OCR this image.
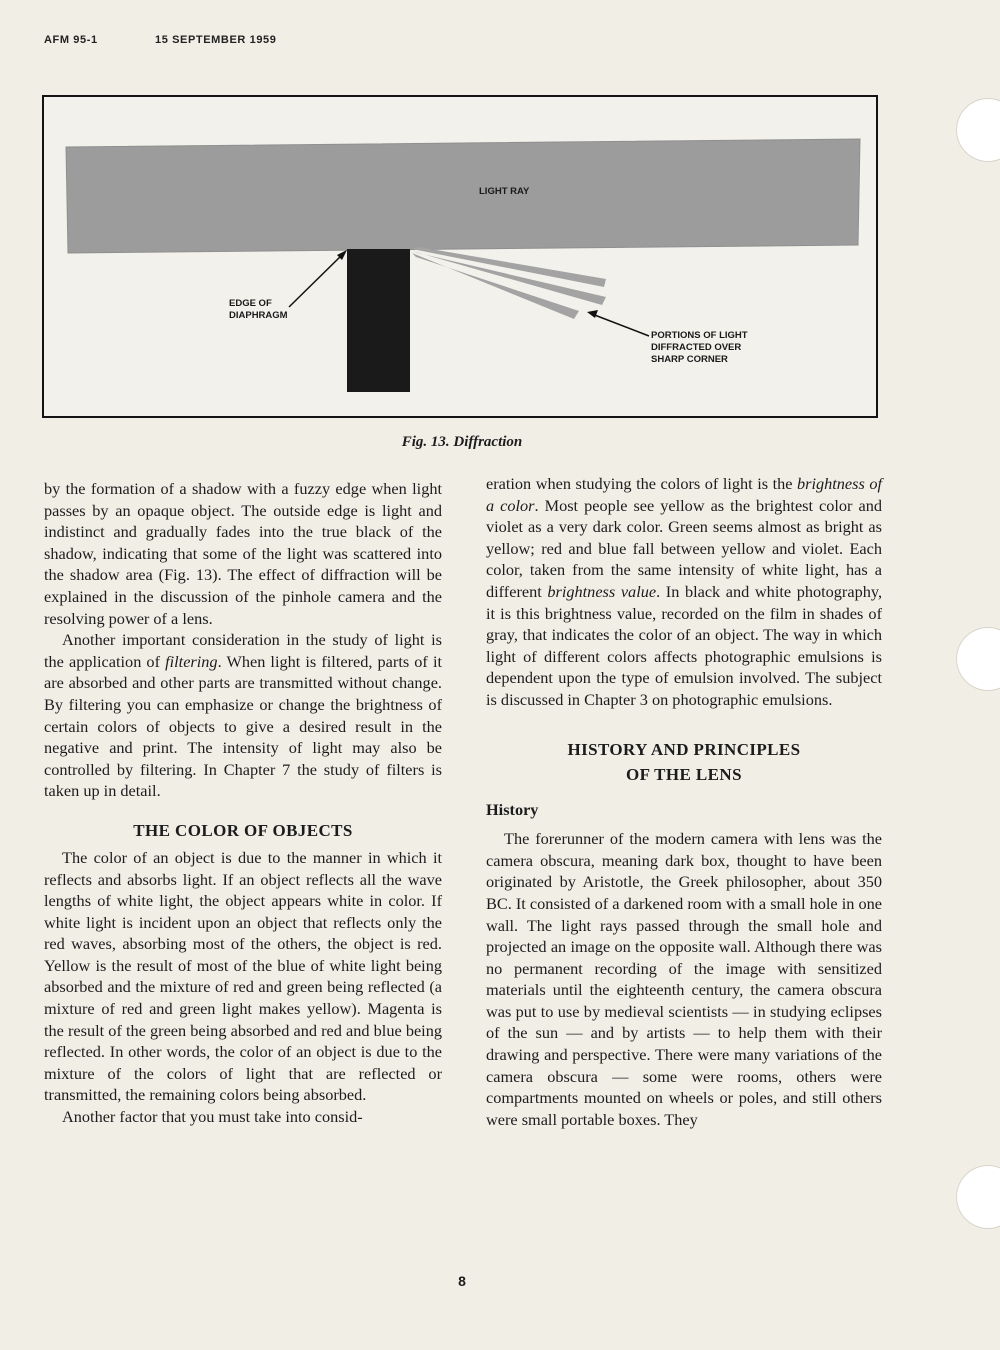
AFM 95-1	15 SEPTEMBER 1959
LIGHT RAY
EDGE OF
DIAPHRAGM
PORTIONS OF LIGHT
DIFFRACTED OVER
SHARP CORNER
Fig. 13. Diffraction

by the formation of a shadow with a fuzzy edge when light passes by an opaque object. The outside edge is light and indistinct and gradually fades into the true black of the shadow, indicating that some of the light was scattered into the shadow area (Fig. 13). The effect of diffraction will be explained in the discussion of the pinhole camera and the resolving power of a lens.

Another important consideration in the study of light is the application of filtering. When light is filtered, parts of it are absorbed and other parts are transmitted without change. By filtering you can emphasize or change the brightness of certain colors of objects to give a desired result in the negative and print. The intensity of light may also be controlled by filtering. In Chapter 7 the study of filters is taken up in detail.

THE COLOR OF OBJECTS

The color of an object is due to the manner in which it reflects and absorbs light. If an object reflects all the wave lengths of white light, the object appears white in color. If white light is incident upon an object that reflects only the red waves, absorbing most of the others, the object is red. Yellow is the result of most of the blue of white light being absorbed and the mixture of red and green being reflected (a mixture of red and green light makes yellow). Magenta is the result of the green being absorbed and red and blue being reflected. In other words, the color of an object is due to the mixture of the colors of light that are reflected or transmitted, the remaining colors being absorbed.

Another factor that you must take into consid-

eration when studying the colors of light is the brightness of a color. Most people see yellow as the brightest color and violet as a very dark color. Green seems almost as bright as yellow; red and blue fall between yellow and violet. Each color, taken from the same intensity of white light, has a different brightness value. In black and white photography, it is this brightness value, recorded on the film in shades of gray, that indicates the color of an object. The way in which light of different colors affects photographic emulsions is dependent upon the type of emulsion involved. The subject is discussed in Chapter 3 on photographic emulsions.

HISTORY AND PRINCIPLES

OF THE LENS

History

The forerunner of the modern camera with lens was the camera obscura, meaning dark box, thought to have been originated by Aristotle, the Greek philosopher, about 350 BC. It consisted of a darkened room with a small hole in one wall. The light rays passed through the small hole and projected an image on the opposite wall. Although there was no permanent recording of the image with sensitized materials until the eighteenth century, the camera obscura was put to use by medieval scientists — in studying eclipses of the sun — and by artists — to help them with their drawing and perspective. There were many variations of the camera obscura — some were rooms, others were compartments mounted on wheels or poles, and still others were small portable boxes. They

8
